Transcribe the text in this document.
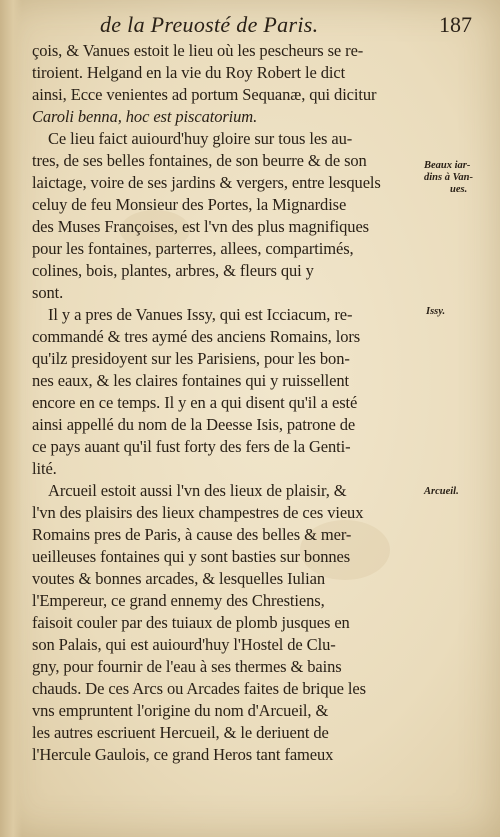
de la Preuosté de Paris.	187
çois, & Vanues estoit le lieu où les pescheurs se re-
tiroient. Helgand en la vie du Roy Robert le dict
ainsi, Ecce venientes ad portum Sequanæ, qui dicitur
Caroli benna, hoc est piscatorium.
Ce lieu faict auiourd'huy gloire sur tous les au-
tres, de ses belles fontaines, de son beurre & de son
laictage, voire de ses jardins & vergers, entre lesquels
celuy de feu Monsieur des Portes, la Mignardise
des Muses Françoises, est l'vn des plus magnifiques
pour les fontaines, parterres, allees, compartimés,
colines, bois, plantes, arbres, & fleurs qui y
sont.
Il y a pres de Vanues Issy, qui est Icciacum, re-
commandé & tres aymé des anciens Romains, lors
qu'ilz presidoyent sur les Parisiens, pour les bon-
nes eaux, & les claires fontaines qui y ruissellent
encore en ce temps. Il y en a qui disent qu'il a esté
ainsi appellé du nom de la Deesse Isis, patrone de
ce pays auant qu'il fust forty des fers de la Genti-
lité.
Arcueil estoit aussi l'vn des lieux de plaisir, &
l'vn des plaisirs des lieux champestres de ces vieux
Romains pres de Paris, à cause des belles & mer-
ueilleuses fontaines qui y sont basties sur bonnes
voutes & bonnes arcades, & lesquelles Iulian
l'Empereur, ce grand ennemy des Chrestiens,
faisoit couler par des tuiaux de plomb jusques en
son Palais, qui est auiourd'huy l'Hostel de Clu-
gny, pour fournir de l'eau à ses thermes & bains
chauds. De ces Arcs ou Arcades faites de brique les
vns empruntent l'origine du nom d'Arcueil, &
les autres escriuent Hercueil, & le deriuent de
l'Hercule Gaulois, ce grand Heros tant fameux
Beaux iar-
dins à Van-
ues.
Issy.
Arcueil.
